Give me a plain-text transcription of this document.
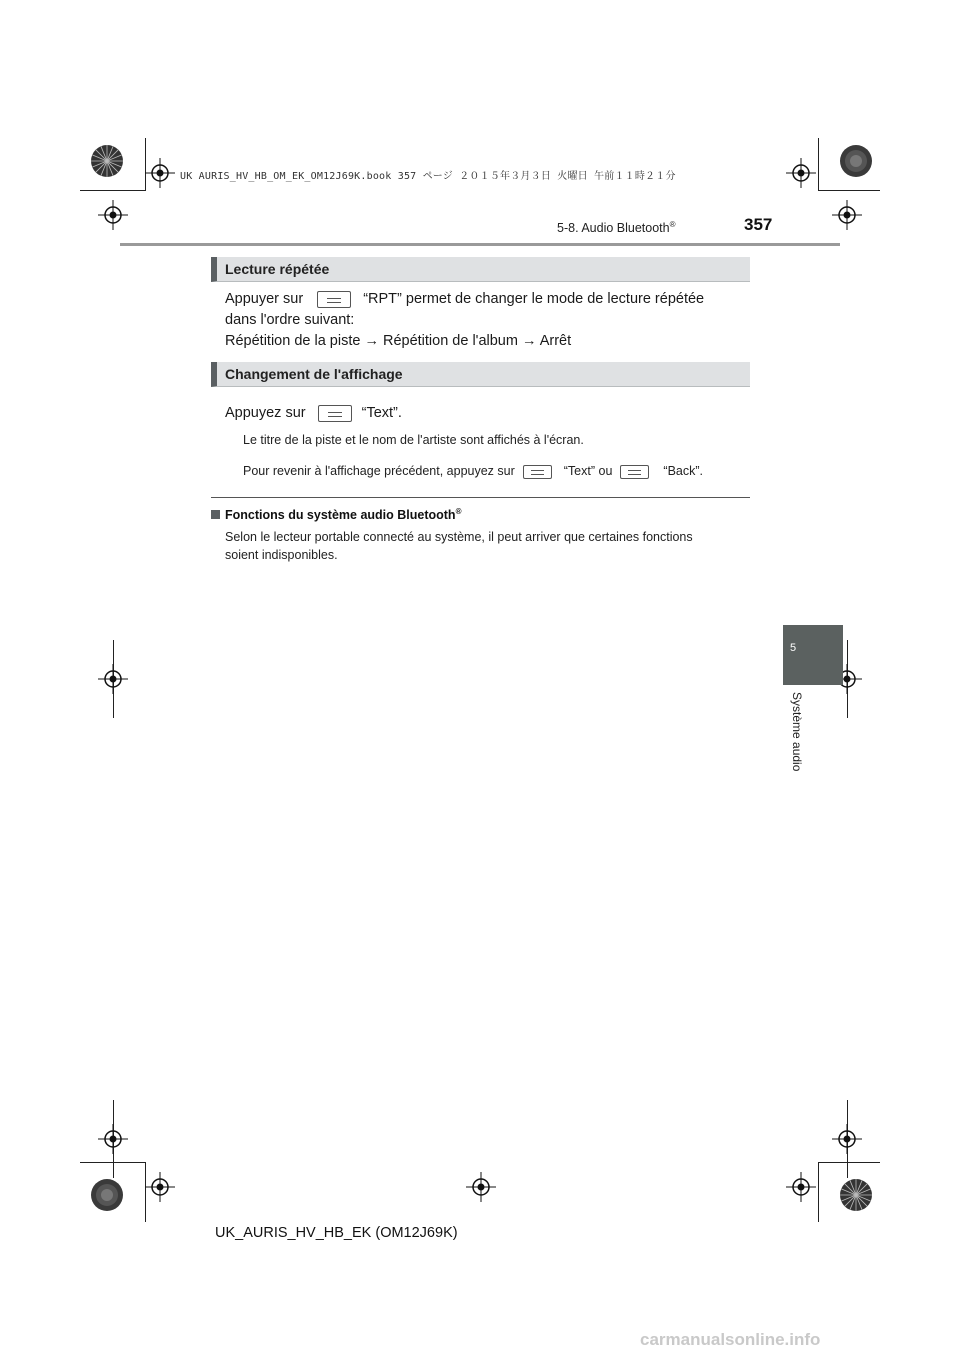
UK AURIS_HV_HB_OM_EK_OM12J69K.book 357 ページ ２０１５年３月３日 火曜日 午前１１時２１分
5-8. Audio Bluetooth®	357
5
Système audio
Lecture répétée
Appuyer sur	“RPT” permet de changer le mode de lecture répétée
dans l'ordre suivant:
Répétition de la piste → Répétition de l'album → Arrêt
Changement de l'affichage
Appuyez sur	“Text”.
Le titre de la piste et le nom de l'artiste sont affichés à l'écran.
Pour revenir à l'affichage précédent, appuyez sur	“Text” ou	“Back”.
Fonctions du système audio Bluetooth®
Selon le lecteur portable connecté au système, il peut arriver que certaines fonctions
soient indisponibles.
UK_AURIS_HV_HB_EK (OM12J69K)
carmanualsonline.info
